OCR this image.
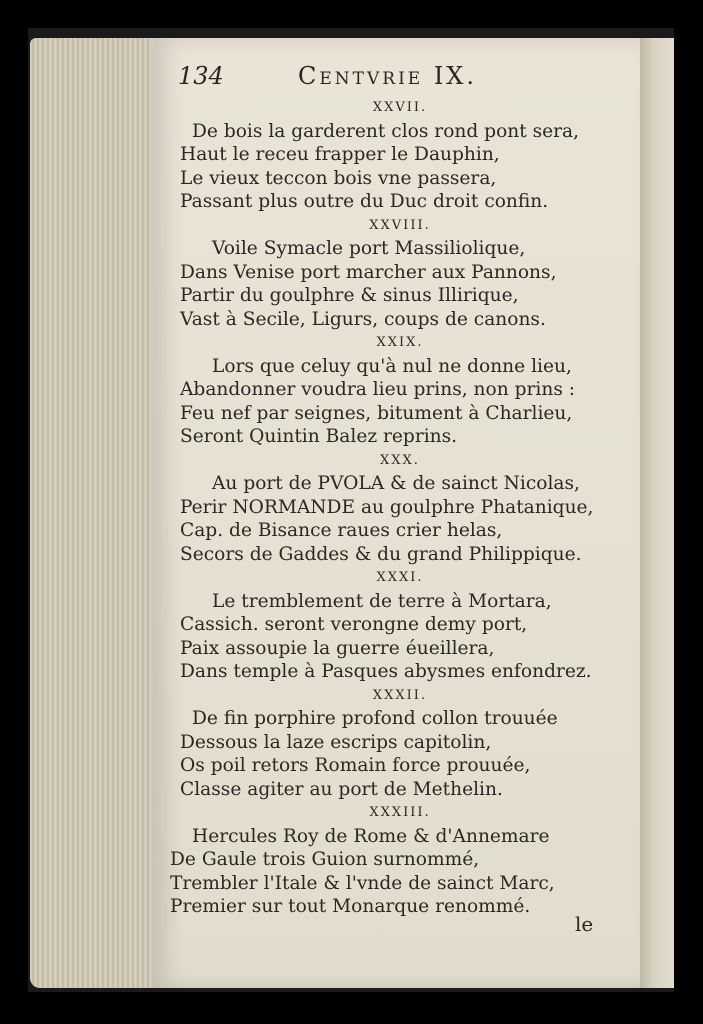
134	Centvrie IX.
XXVII.
De bois la garderent clos rond pont sera,
Haut le receu frapper le Dauphin,
Le vieux teccon bois vne passera,
Passant plus outre du Duc droit confin.
XXVIII.
Voile Symacle port Massiliolique,
Dans Venise port marcher aux Pannons,
Partir du goulphre & sinus Illirique,
Vast à Secile, Ligurs, coups de canons.
XXIX.
Lors que celuy qu'à nul ne donne lieu,
Abandonner voudra lieu prins, non prins :
Feu nef par seignes, bitument à Charlieu,
Seront Quintin Balez reprins.
XXX.
Au port de PVOLA & de sainct Nicolas,
Perir NORMANDE au goulphre Phatanique,
Cap. de Bisance raues crier helas,
Secors de Gaddes & du grand Philippique.
XXXI.
Le tremblement de terre à Mortara,
Cassich. seront verongne demy port,
Paix assoupie la guerre éueillera,
Dans temple à Pasques abysmes enfondrez.
XXXII.
De fin porphire profond collon trouuée
Dessous la laze escrips capitolin,
Os poil retors Romain force prouuée,
Classe agiter au port de Methelin.
XXXIII.
Hercules Roy de Rome & d'Annemare
De Gaule trois Guion surnommé,
Trembler l'Itale & l'vnde de sainct Marc,
Premier sur tout Monarque renommé.
le
